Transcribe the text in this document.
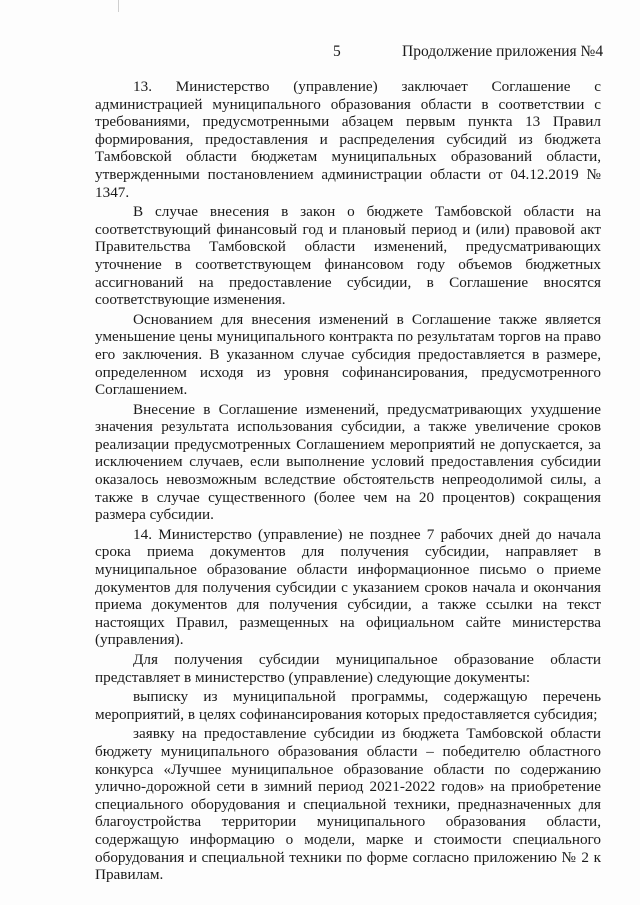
5	Продолжение приложения №4

13. Министерство (управление) заключает Соглашение с администрацией муниципального образования области в соответствии с требованиями, предусмотренными абзацем первым пункта 13 Правил формирования, предоставления и распределения субсидий из бюджета Тамбовской области бюджетам муниципальных образований области, утвержденными постановлением администрации области от 04.12.2019 № 1347.

В случае внесения в закон о бюджете Тамбовской области на соответствующий финансовый год и плановый период и (или) правовой акт Правительства Тамбовской области изменений, предусматривающих уточнение в соответствующем финансовом году объемов бюджетных ассигнований на предоставление субсидии, в Соглашение вносятся соответствующие изменения.

Основанием для внесения изменений в Соглашение также является уменьшение цены муниципального контракта по результатам торгов на право его заключения. В указанном случае субсидия предоставляется в размере, определенном исходя из уровня софинансирования, предусмотренного Соглашением.

Внесение в Соглашение изменений, предусматривающих ухудшение значения результата использования субсидии, а также увеличение сроков реализации предусмотренных Соглашением мероприятий не допускается, за исключением случаев, если выполнение условий предоставления субсидии оказалось невозможным вследствие обстоятельств непреодолимой силы, а также в случае существенного (более чем на 20 процентов) сокращения размера субсидии.

14. Министерство (управление) не позднее 7 рабочих дней до начала срока приема документов для получения субсидии, направляет в муниципальное образование области информационное письмо о приеме документов для получения субсидии с указанием сроков начала и окончания приема документов для получения субсидии, а также ссылки на текст настоящих Правил, размещенных на официальном сайте министерства (управления).

Для получения субсидии муниципальное образование области представляет в министерство (управление) следующие документы:

выписку из муниципальной программы, содержащую перечень мероприятий, в целях софинансирования которых предоставляется субсидия;

заявку на предоставление субсидии из бюджета Тамбовской области бюджету муниципального образования области – победителю областного конкурса «Лучшее муниципальное образование области по содержанию улично-дорожной сети в зимний период 2021-2022 годов» на приобретение специального оборудования и специальной техники, предназначенных для благоустройства территории муниципального образования области, содержащую информацию о модели, марке и стоимости специального оборудования и специальной техники по форме согласно приложению № 2 к Правилам.
